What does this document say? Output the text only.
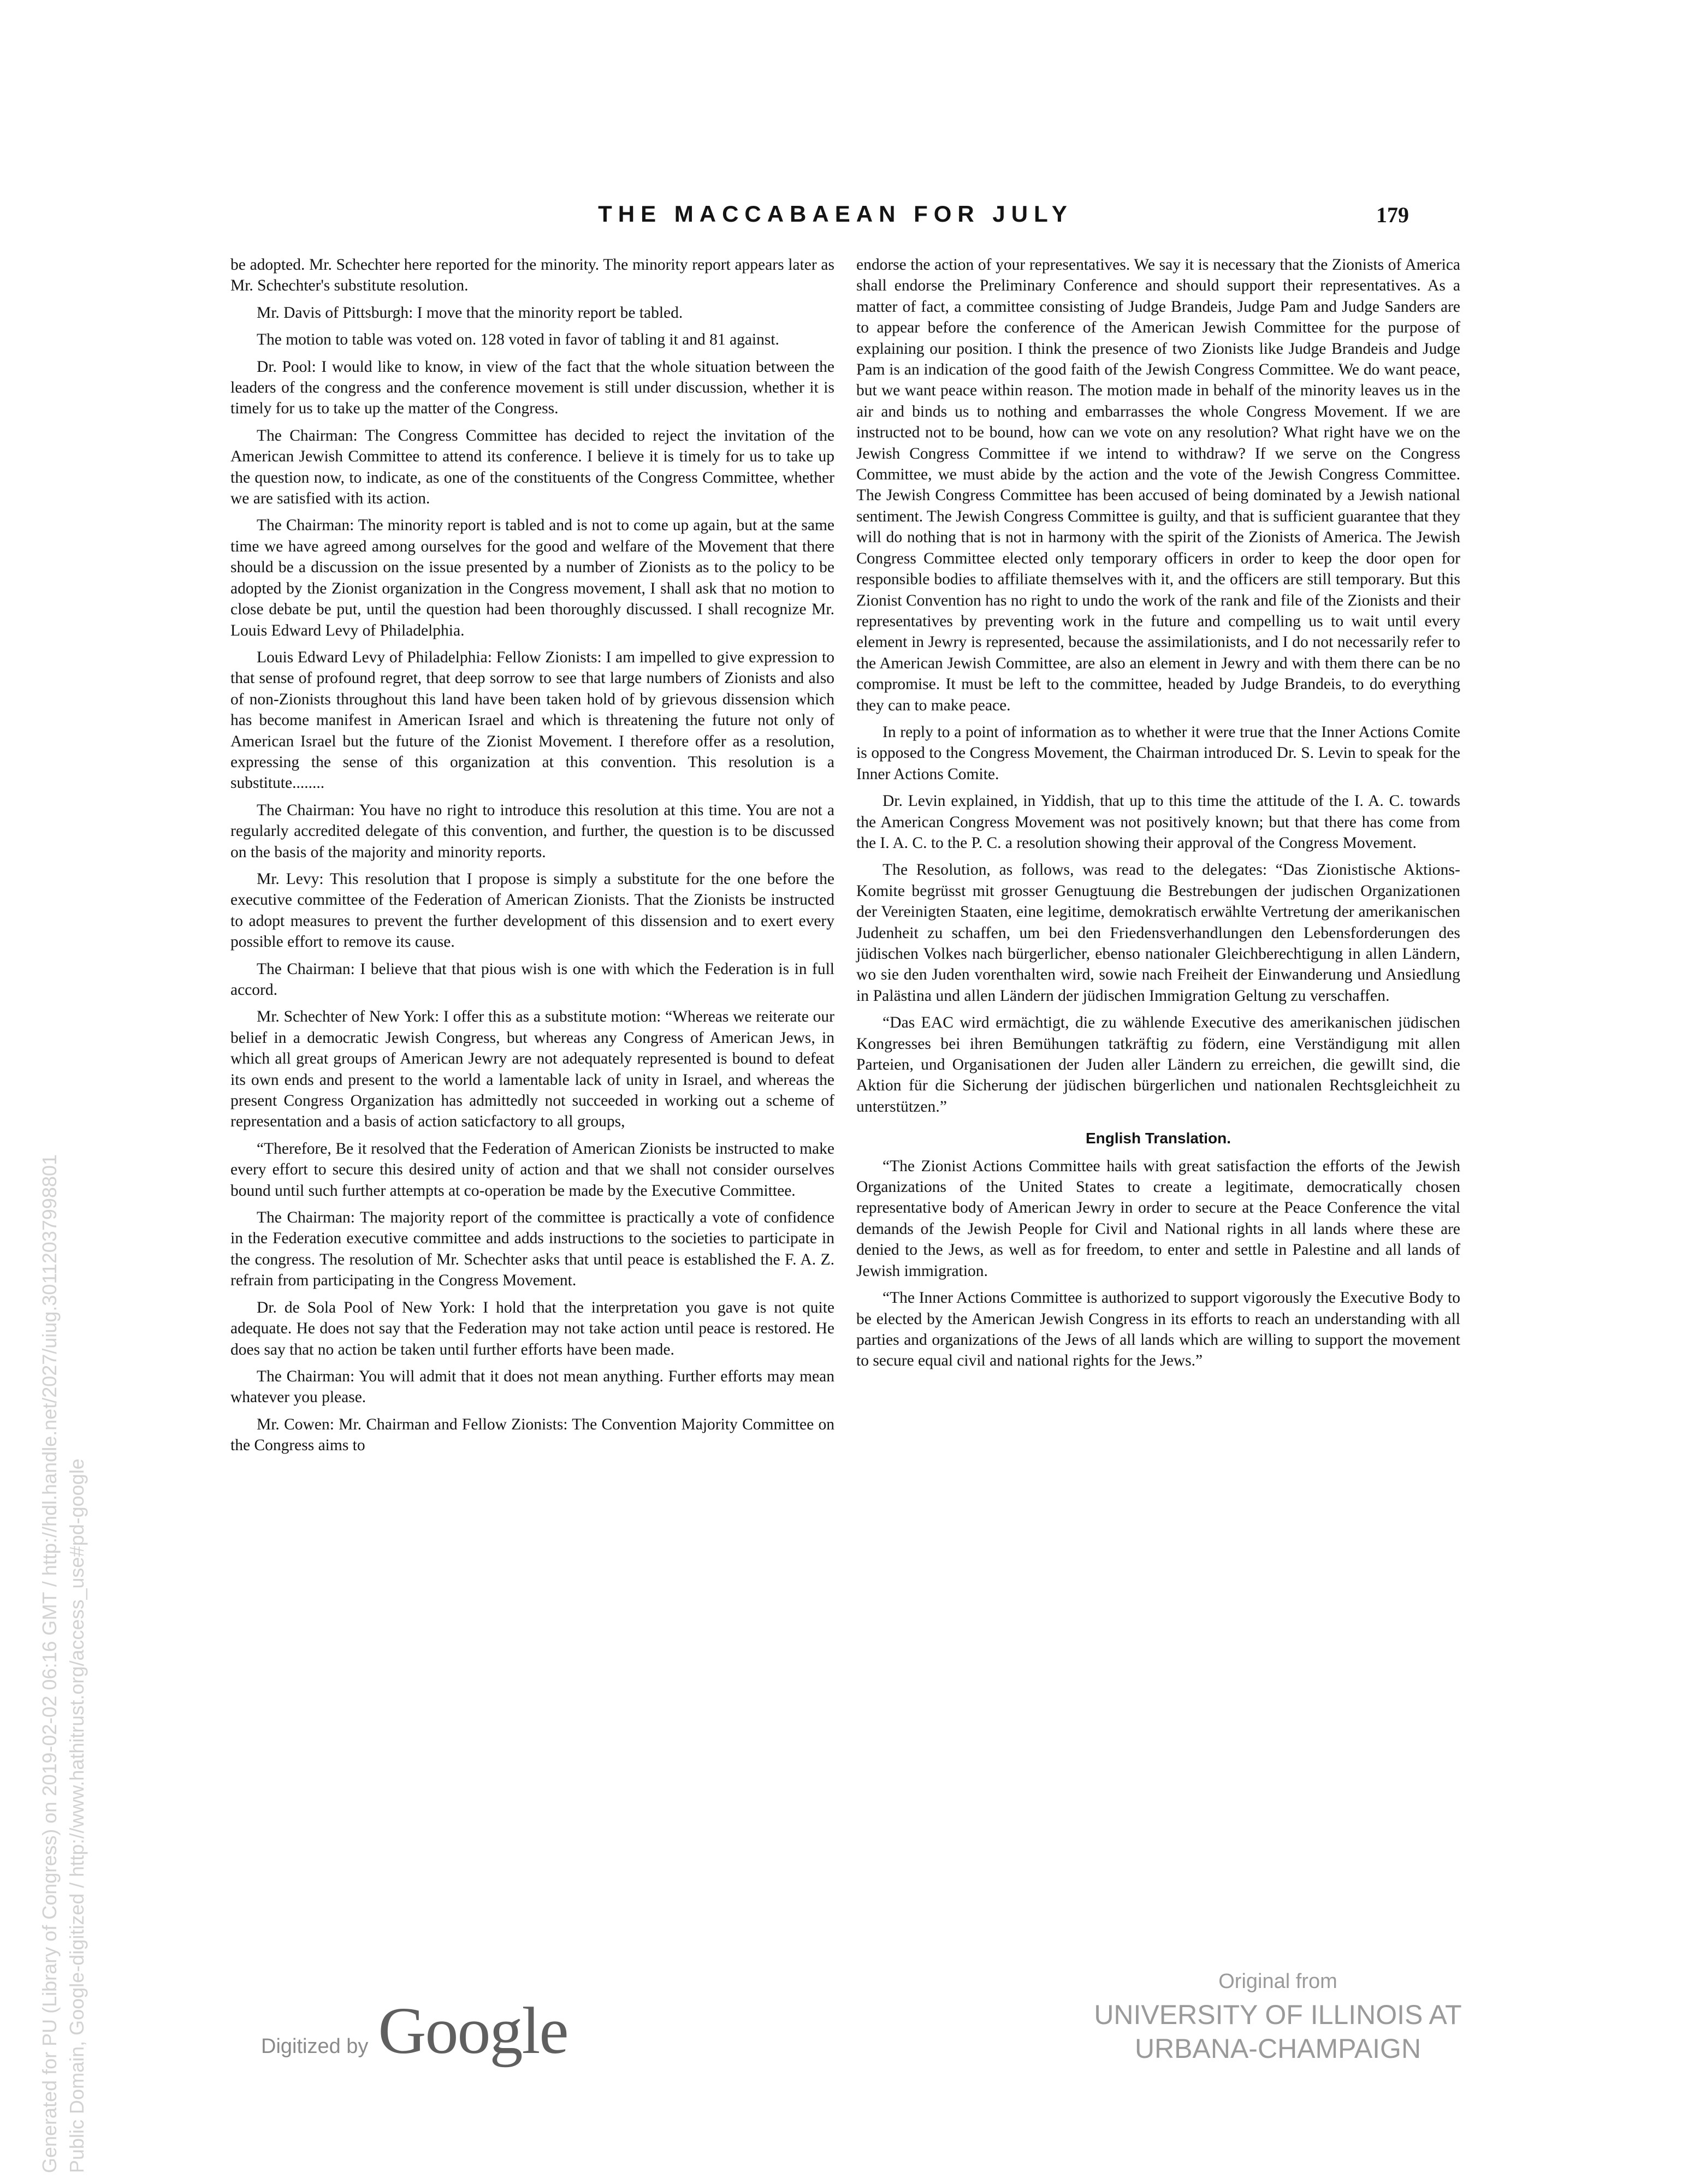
THE MACCABAEAN FOR JULY	179

be adopted. Mr. Schechter here reported for the minority. The minority report appears later as Mr. Schechter's substitute resolution.

Mr. Davis of Pittsburgh: I move that the minority report be tabled.

The motion to table was voted on. 128 voted in favor of tabling it and 81 against.

Dr. Pool: I would like to know, in view of the fact that the whole situation between the leaders of the congress and the conference movement is still under discussion, whether it is timely for us to take up the matter of the Congress.

The Chairman: The Congress Committee has decided to reject the invitation of the American Jewish Committee to attend its conference. I believe it is timely for us to take up the question now, to indicate, as one of the constituents of the Congress Committee, whether we are satisfied with its action.

The Chairman: The minority report is tabled and is not to come up again, but at the same time we have agreed among ourselves for the good and welfare of the Movement that there should be a discussion on the issue presented by a number of Zionists as to the policy to be adopted by the Zionist organization in the Congress movement, I shall ask that no motion to close debate be put, until the question had been thoroughly discussed. I shall recognize Mr. Louis Edward Levy of Philadelphia.

Louis Edward Levy of Philadelphia: Fellow Zionists: I am impelled to give expression to that sense of profound regret, that deep sorrow to see that large numbers of Zionists and also of non-Zionists throughout this land have been taken hold of by grievous dissension which has become manifest in American Israel and which is threatening the future not only of American Israel but the future of the Zionist Movement. I therefore offer as a resolution, expressing the sense of this organization at this convention. This resolution is a substitute........

The Chairman: You have no right to introduce this resolution at this time. You are not a regularly accredited delegate of this convention, and further, the question is to be discussed on the basis of the majority and minority reports.

Mr. Levy: This resolution that I propose is simply a substitute for the one before the executive committee of the Federation of American Zionists. That the Zionists be instructed to adopt measures to prevent the further development of this dissension and to exert every possible effort to remove its cause.

The Chairman: I believe that that pious wish is one with which the Federation is in full accord.

Mr. Schechter of New York: I offer this as a substitute motion: “Whereas we reiterate our belief in a democratic Jewish Congress, but whereas any Congress of American Jews, in which all great groups of American Jewry are not adequately represented is bound to defeat its own ends and present to the world a lamentable lack of unity in Israel, and whereas the present Congress Organization has admittedly not succeeded in working out a scheme of representation and a basis of action saticfactory to all groups,

“Therefore, Be it resolved that the Federation of American Zionists be instructed to make every effort to secure this desired unity of action and that we shall not consider ourselves bound until such further attempts at co-operation be made by the Executive Committee.

The Chairman: The majority report of the committee is practically a vote of confidence in the Federation executive committee and adds instructions to the societies to participate in the congress. The resolution of Mr. Schechter asks that until peace is established the F. A. Z. refrain from participating in the Congress Movement.

Dr. de Sola Pool of New York: I hold that the interpretation you gave is not quite adequate. He does not say that the Federation may not take action until peace is restored. He does say that no action be taken until further efforts have been made.

The Chairman: You will admit that it does not mean anything. Further efforts may mean whatever you please.

Mr. Cowen: Mr. Chairman and Fellow Zionists: The Convention Majority Committee on the Congress aims to

endorse the action of your representatives. We say it is necessary that the Zionists of America shall endorse the Preliminary Conference and should support their representatives. As a matter of fact, a committee consisting of Judge Brandeis, Judge Pam and Judge Sanders are to appear before the conference of the American Jewish Committee for the purpose of explaining our position. I think the presence of two Zionists like Judge Brandeis and Judge Pam is an indication of the good faith of the Jewish Congress Committee. We do want peace, but we want peace within reason. The motion made in behalf of the minority leaves us in the air and binds us to nothing and embarrasses the whole Congress Movement. If we are instructed not to be bound, how can we vote on any resolution? What right have we on the Jewish Congress Committee if we intend to withdraw? If we serve on the Congress Committee, we must abide by the action and the vote of the Jewish Congress Committee. The Jewish Congress Committee has been accused of being dominated by a Jewish national sentiment. The Jewish Congress Committee is guilty, and that is sufficient guarantee that they will do nothing that is not in harmony with the spirit of the Zionists of America. The Jewish Congress Committee elected only temporary officers in order to keep the door open for responsible bodies to affiliate themselves with it, and the officers are still temporary. But this Zionist Convention has no right to undo the work of the rank and file of the Zionists and their representatives by preventing work in the future and compelling us to wait until every element in Jewry is represented, because the assimilationists, and I do not necessarily refer to the American Jewish Committee, are also an element in Jewry and with them there can be no compromise. It must be left to the committee, headed by Judge Brandeis, to do everything they can to make peace.

In reply to a point of information as to whether it were true that the Inner Actions Comite is opposed to the Congress Movement, the Chairman introduced Dr. S. Levin to speak for the Inner Actions Comite.

Dr. Levin explained, in Yiddish, that up to this time the attitude of the I. A. C. towards the American Congress Movement was not positively known; but that there has come from the I. A. C. to the P. C. a resolution showing their approval of the Congress Movement.

The Resolution, as follows, was read to the delegates: “Das Zionistische Aktions-Komite begrüsst mit grosser Genugtuung die Bestrebungen der judischen Organizationen der Vereinigten Staaten, eine legitime, demokratisch erwählte Vertretung der amerikanischen Judenheit zu schaffen, um bei den Friedensverhandlungen den Lebensforderungen des jüdischen Volkes nach bürgerlicher, ebenso nationaler Gleichberechtigung in allen Ländern, wo sie den Juden vorenthalten wird, sowie nach Freiheit der Einwanderung und Ansiedlung in Palästina und allen Ländern der jüdischen Immigration Geltung zu verschaffen.

“Das EAC wird ermächtigt, die zu wählende Executive des amerikanischen jüdischen Kongresses bei ihren Bemühungen tatkräftig zu födern, eine Verständigung mit allen Parteien, und Organisationen der Juden aller Ländern zu erreichen, die gewillt sind, die Aktion für die Sicherung der jüdischen bürgerlichen und nationalen Rechtsgleichheit zu unterstützen.”

English Translation.

“The Zionist Actions Committee hails with great satisfaction the efforts of the Jewish Organizations of the United States to create a legitimate, democratically chosen representative body of American Jewry in order to secure at the Peace Conference the vital demands of the Jewish People for Civil and National rights in all lands where these are denied to the Jews, as well as for freedom, to enter and settle in Palestine and all lands of Jewish immigration.

“The Inner Actions Committee is authorized to support vigorously the Executive Body to be elected by the American Jewish Congress in its efforts to reach an understanding with all parties and organizations of the Jews of all lands which are willing to support the movement to secure equal civil and national rights for the Jews.”

Digitized by Google
Original from
UNIVERSITY OF ILLINOIS AT
URBANA-CHAMPAIGN
Generated for PU (Library of Congress) on 2019-02-02 06:16 GMT / http://hdl.handle.net/2027/uiug.30112037998801 Public Domain, Google-digitized / http://www.hathitrust.org/access_use#pd-google
